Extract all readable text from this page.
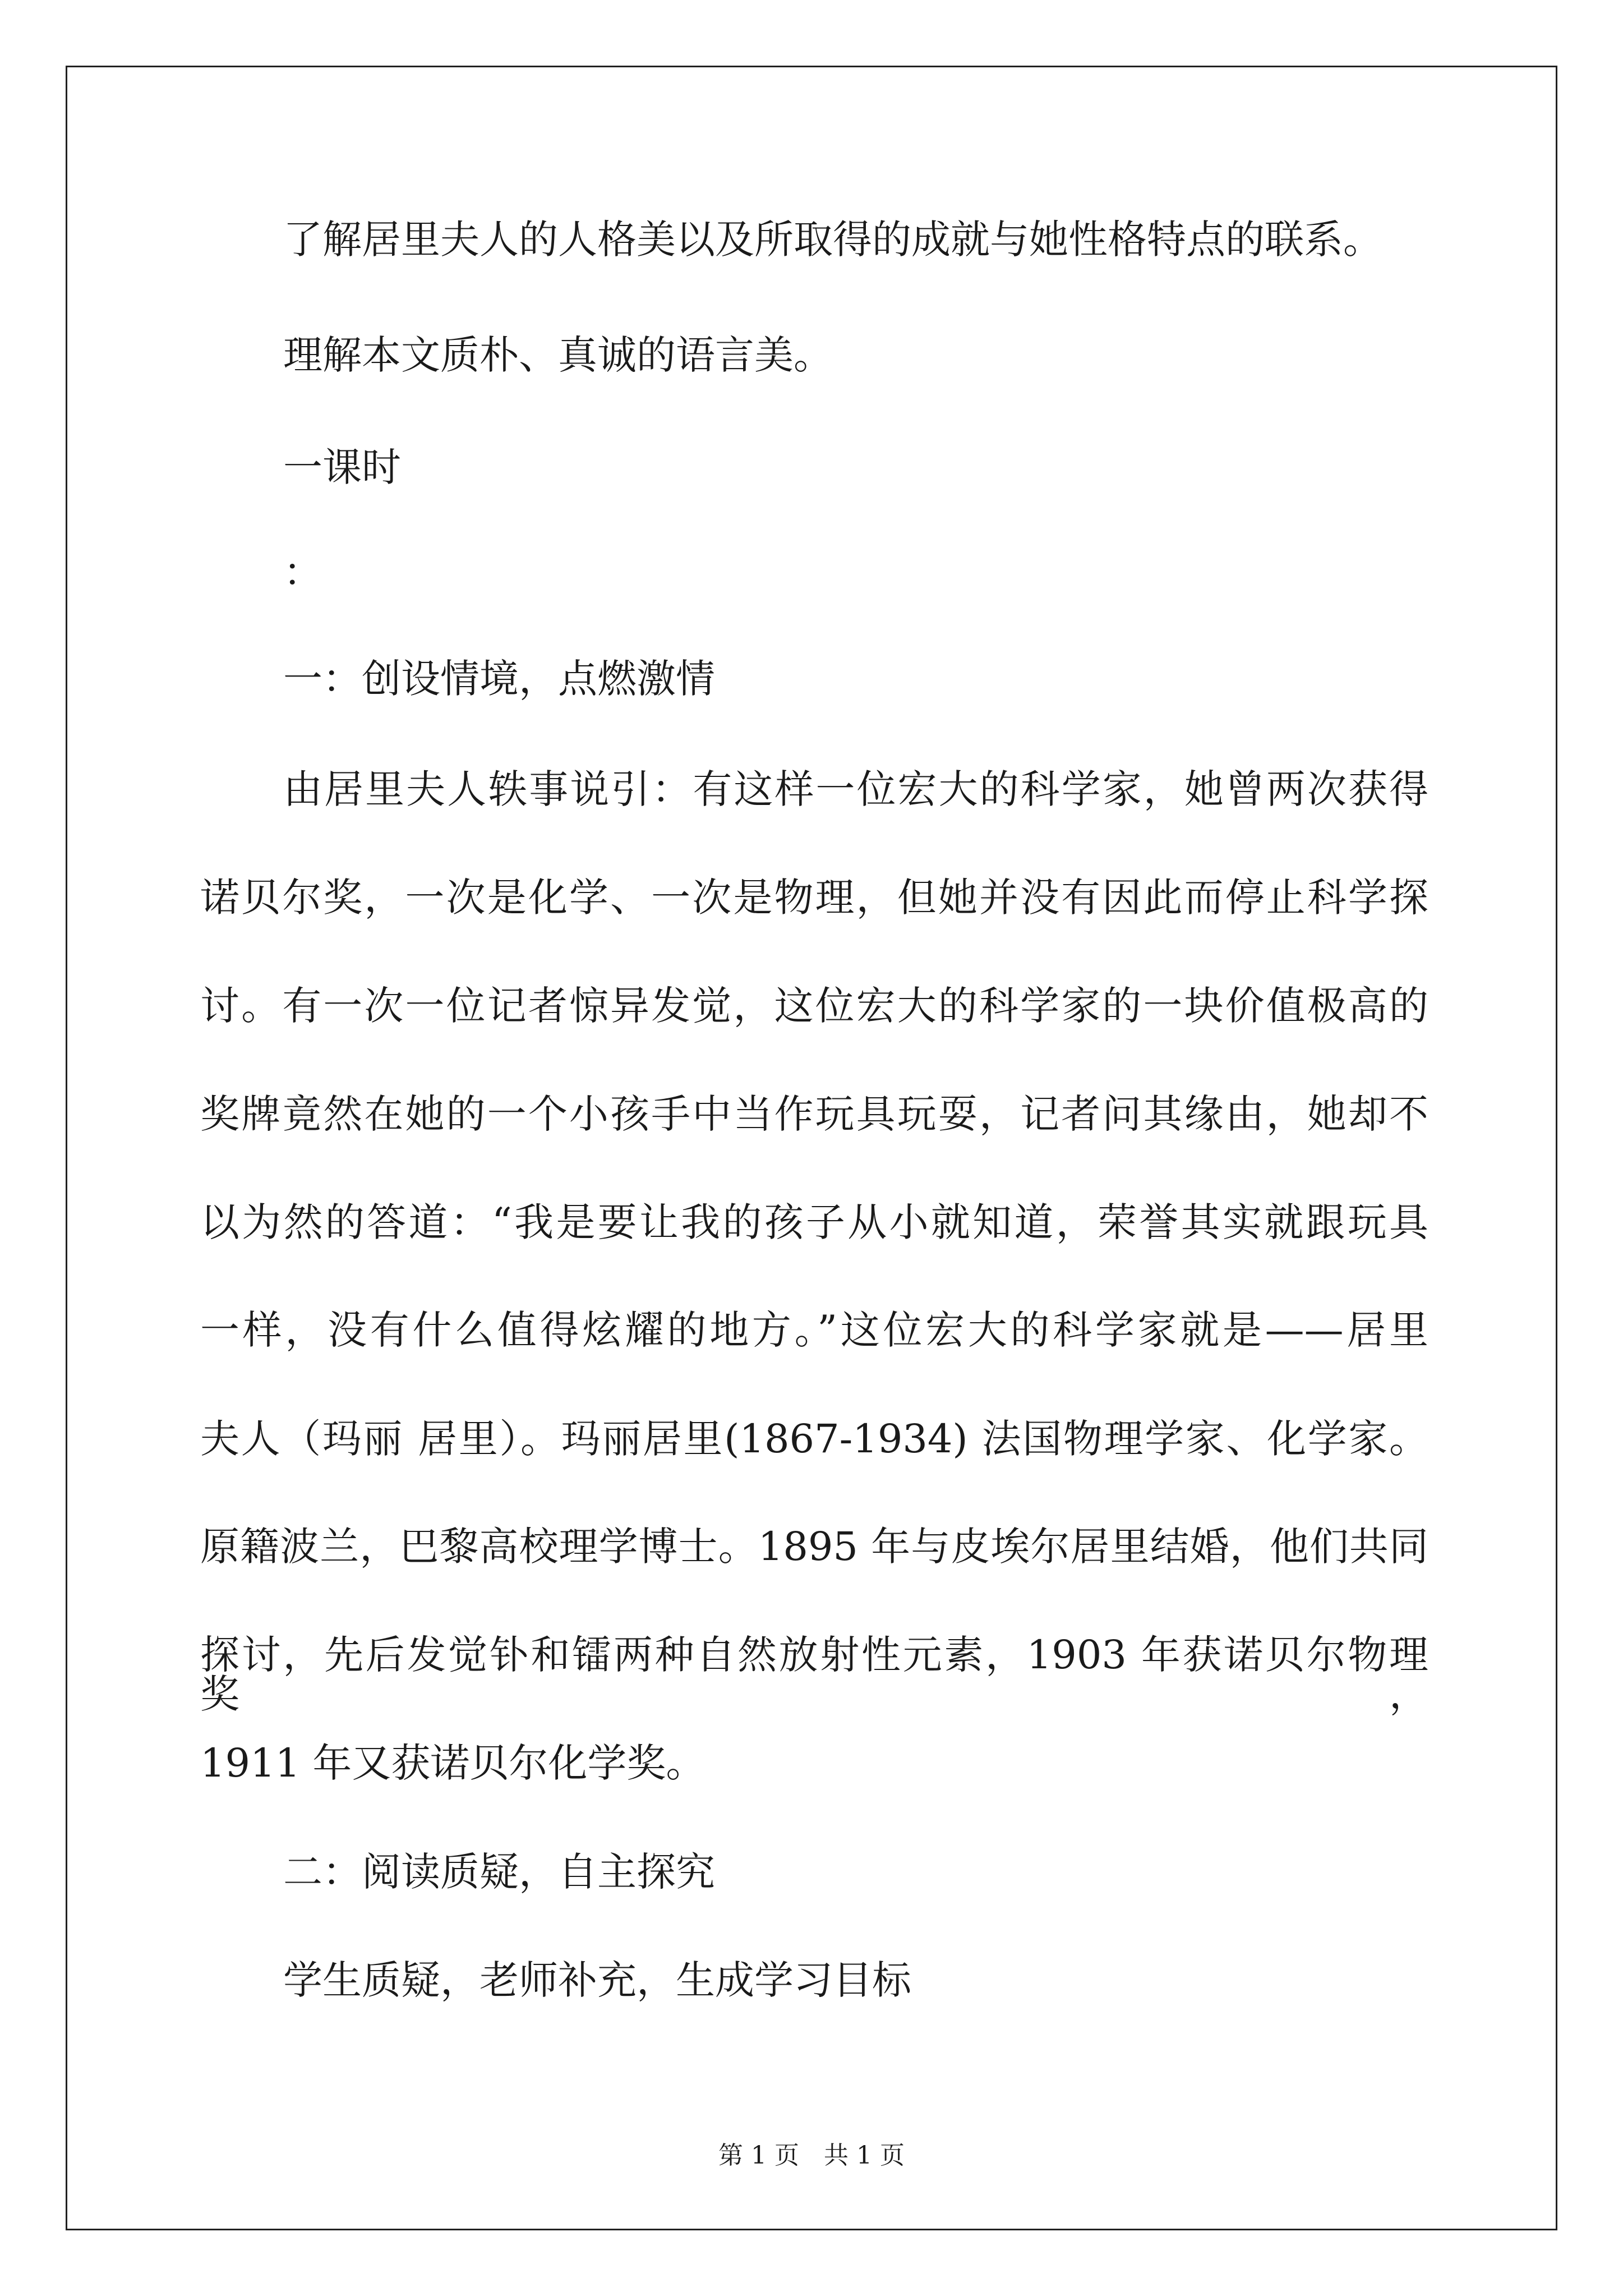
了解居里夫人的人格美以及所取得的成就与她性格特点的联系。
理解本文质朴、真诚的语言美。
一课时
：
一：创设情境，点燃激情
由居里夫人轶事说引：有这样一位宏大的科学家，她曾两次获得
诺贝尔奖，一次是化学、一次是物理，但她并没有因此而停止科学探
讨。有一次一位记者惊异发觉，这位宏大的科学家的一块价值极高的
奖牌竟然在她的一个小孩手中当作玩具玩耍，记者问其缘由，她却不
以为然的答道：“我是要让我的孩子从小就知道，荣誉其实就跟玩具
一样，没有什么值得炫耀的地方。”这位宏大的科学家就是——居里
夫人（玛丽 居里）。玛丽居里(1867-1934) 法国物理学家、化学家。
原籍波兰，巴黎高校理学博士。1895 年与皮埃尔居里结婚，他们共同
探讨，先后发觉钋和镭两种自然放射性元素，1903 年获诺贝尔物理奖，
1911 年又获诺贝尔化学奖。
二：阅读质疑，自主探究
学生质疑，老师补充，生成学习目标
第 1 页　共 1 页
